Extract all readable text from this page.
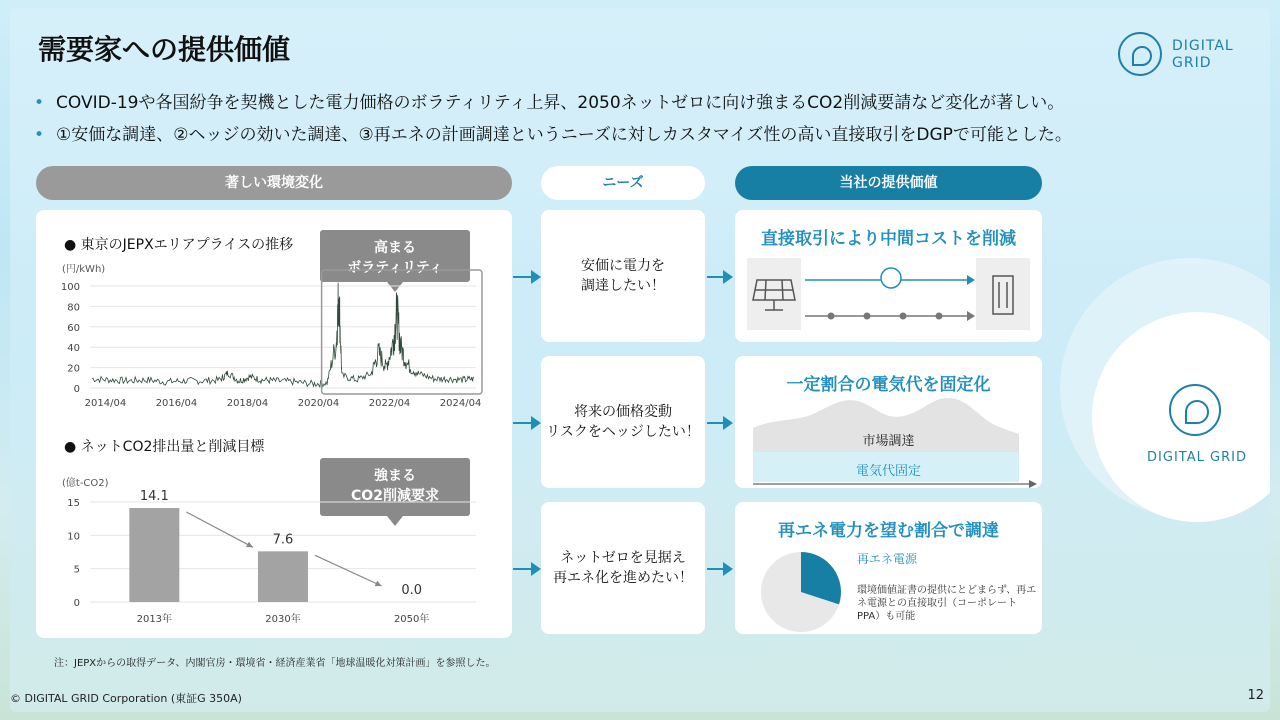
需要家への提供価値	DIGITAL
GRID
• COVID-19や各国紛争を契機とした電力価格のボラティリティ上昇、2050ネットゼロに向け強まるCO2削減要請など変化が著しい。
• ①安価な調達、②ヘッジの効いた調達、③再エネの計画調達というニーズに対しカスタマイズ性の高い直接取引をDGPで可能とした。
著しい環境変化	ニーズ	当社の提供価値
● 東京のJEPXエリアプライスの推移	高まる
ボラティリティ
(円/kWh)
0
20
40
60
80
100
2014/04	2016/04	2018/04	2020/04	2022/04	2024/04
● ネットCO2排出量と削減目標
強まる
CO2削減要求
(億t-CO2)
0
5
10
15	14.1
2013年
7.6
2030年
0.0
2050年
安価に電力を
調達したい！
将来の価格変動
リスクをヘッジしたい！
ネットゼロを見据え
再エネ化を進めたい！
直接取引により中間コストを削減
一定割合の電気代を固定化
市場調達
電気代固定
再エネ電力を望む割合で調達
再エネ電源
環境価値証書の提供にとどまらず、再エ
ネ電源との直接取引（コーポレート
PPA）も可能
DIGITAL GRID
注：JEPXからの取得データ、内閣官房・環境省・経済産業省「地球温暖化対策計画」を参照した。
© DIGITAL GRID Corporation (東証G 350A)	12
